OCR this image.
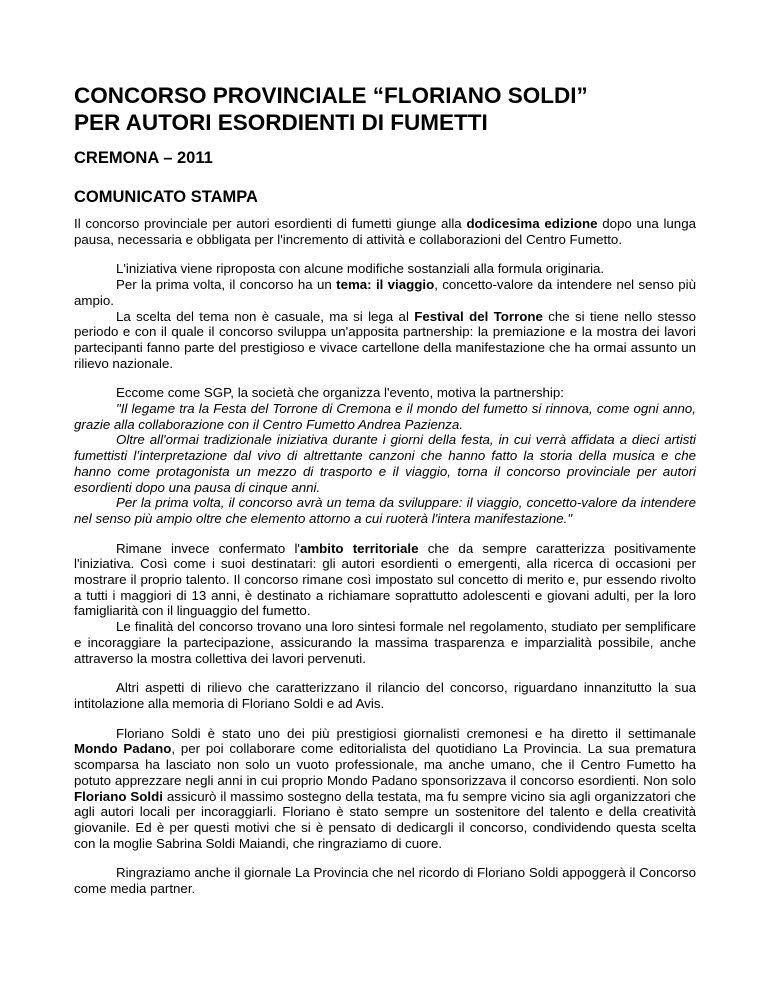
CONCORSO PROVINCIALE “FLORIANO SOLDI”
PER AUTORI ESORDIENTI DI FUMETTI
CREMONA – 2011
COMUNICATO STAMPA

Il concorso provinciale per autori esordienti di fumetti giunge alla dodicesima edizione dopo una lunga pausa, necessaria e obbligata per l'incremento di attività e collaborazioni del Centro Fumetto.

L'iniziativa viene riproposta con alcune modifiche sostanziali alla formula originaria.

Per la prima volta, il concorso ha un tema: il viaggio, concetto-valore da intendere nel senso più ampio.

La scelta del tema non è casuale, ma si lega al Festival del Torrone che si tiene nello stesso periodo e con il quale il concorso sviluppa un'apposita partnership: la premiazione e la mostra dei lavori partecipanti fanno parte del prestigioso e vivace cartellone della manifestazione che ha ormai assunto un rilievo nazionale.

Eccome come SGP, la società che organizza l'evento, motiva la partnership:

"Il legame tra la Festa del Torrone di Cremona e il mondo del fumetto si rinnova, come ogni anno, grazie alla collaborazione con il Centro Fumetto Andrea Pazienza.

Oltre all'ormai tradizionale iniziativa durante i giorni della festa, in cui verrà affidata a dieci artisti fumettisti l’interpretazione dal vivo di altrettante canzoni che hanno fatto la storia della musica e che hanno come protagonista un mezzo di trasporto e il viaggio, torna il concorso provinciale per autori esordienti dopo una pausa di cinque anni.

Per la prima volta, il concorso avrà un tema da sviluppare: il viaggio, concetto-valore da intendere nel senso più ampio oltre che elemento attorno a cui ruoterà l'intera manifestazione."

Rimane invece confermato l'ambito territoriale che da sempre caratterizza positivamente l'iniziativa. Così come i suoi destinatari: gli autori esordienti o emergenti, alla ricerca di occasioni per mostrare il proprio talento. Il concorso rimane così impostato sul concetto di merito e, pur essendo rivolto a tutti i maggiori di 13 anni, è destinato a richiamare soprattutto adolescenti e giovani adulti, per la loro famigliarità con il linguaggio del fumetto.

Le finalità del concorso trovano una loro sintesi formale nel regolamento, studiato per semplificare e incoraggiare la partecipazione, assicurando la massima trasparenza e imparzialità possibile, anche attraverso la mostra collettiva dei lavori pervenuti.

Altri aspetti di rilievo che caratterizzano il rilancio del concorso, riguardano innanzitutto la sua intitolazione alla memoria di Floriano Soldi e ad Avis.

Floriano Soldi è stato uno dei più prestigiosi giornalisti cremonesi e ha diretto il settimanale Mondo Padano, per poi collaborare come editorialista del quotidiano La Provincia. La sua prematura scomparsa ha lasciato non solo un vuoto professionale, ma anche umano, che il Centro Fumetto ha potuto apprezzare negli anni in cui proprio Mondo Padano sponsorizzava il concorso esordienti. Non solo Floriano Soldi assicurò il massimo sostegno della testata, ma fu sempre vicino sia agli organizzatori che agli autori locali per incoraggiarli. Floriano è stato sempre un sostenitore del talento e della creatività giovanile. Ed è per questi motivi che si è pensato di dedicargli il concorso, condividendo questa scelta con la moglie Sabrina Soldi Maiandi, che ringraziamo di cuore.

Ringraziamo anche il giornale La Provincia che nel ricordo di Floriano Soldi appoggerà il Concorso come media partner.
